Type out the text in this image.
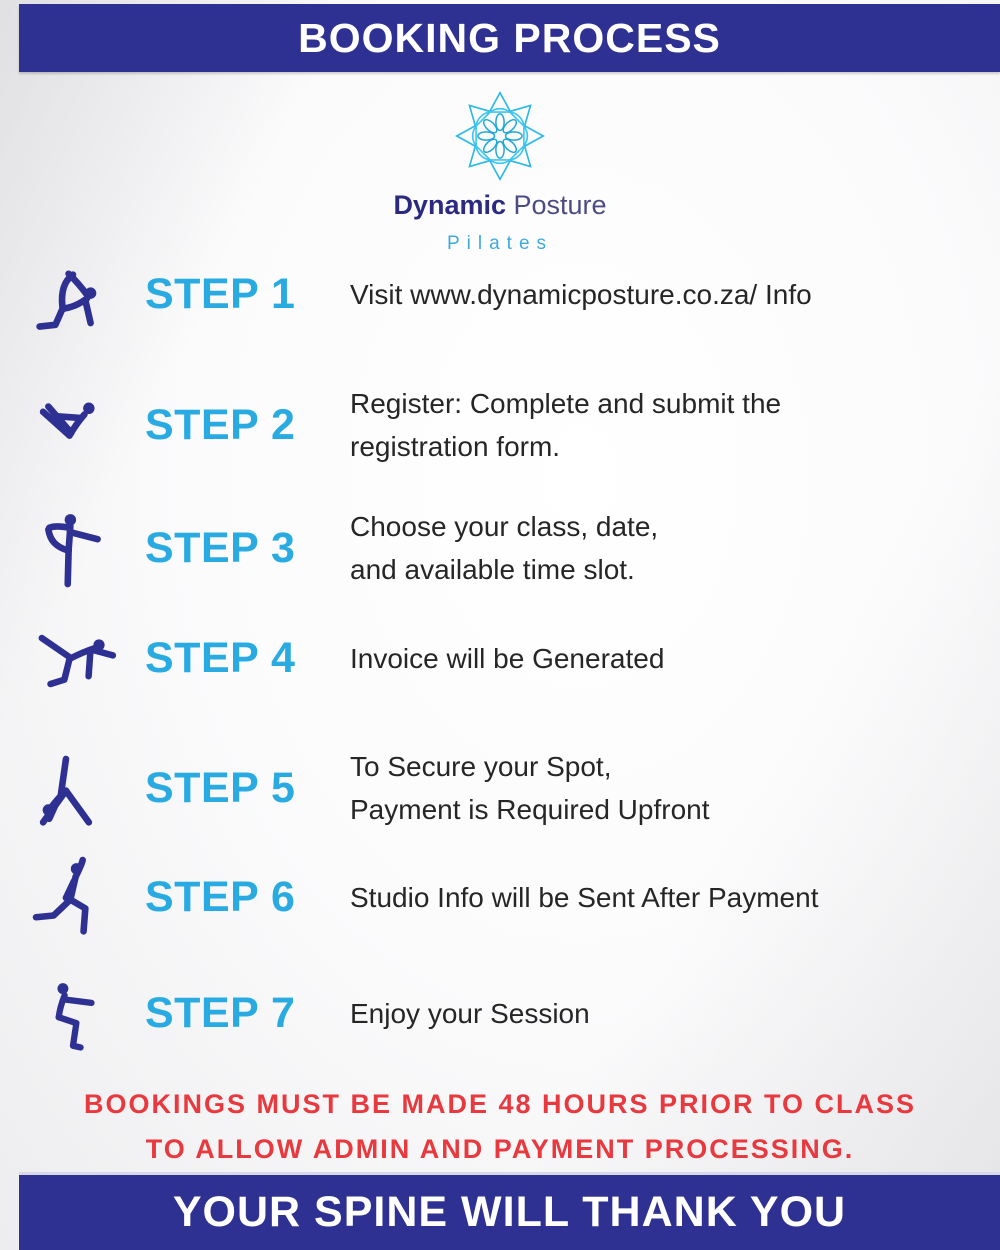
BOOKING PROCESS
Dynamic Posture
Pilates
STEP 1	Visit www.dynamicposture.co.za/ Info
STEP 2	Register: Complete and submit the
registration form.
STEP 3	Choose your class, date,
and available time slot.
STEP 4	Invoice will be Generated
STEP 5	To Secure your Spot,
Payment is Required Upfront
STEP 6	Studio Info will be Sent After Payment
STEP 7	Enjoy your Session
BOOKINGS MUST BE MADE 48 HOURS PRIOR TO CLASS
TO ALLOW ADMIN AND PAYMENT PROCESSING.
YOUR SPINE WILL THANK YOU
